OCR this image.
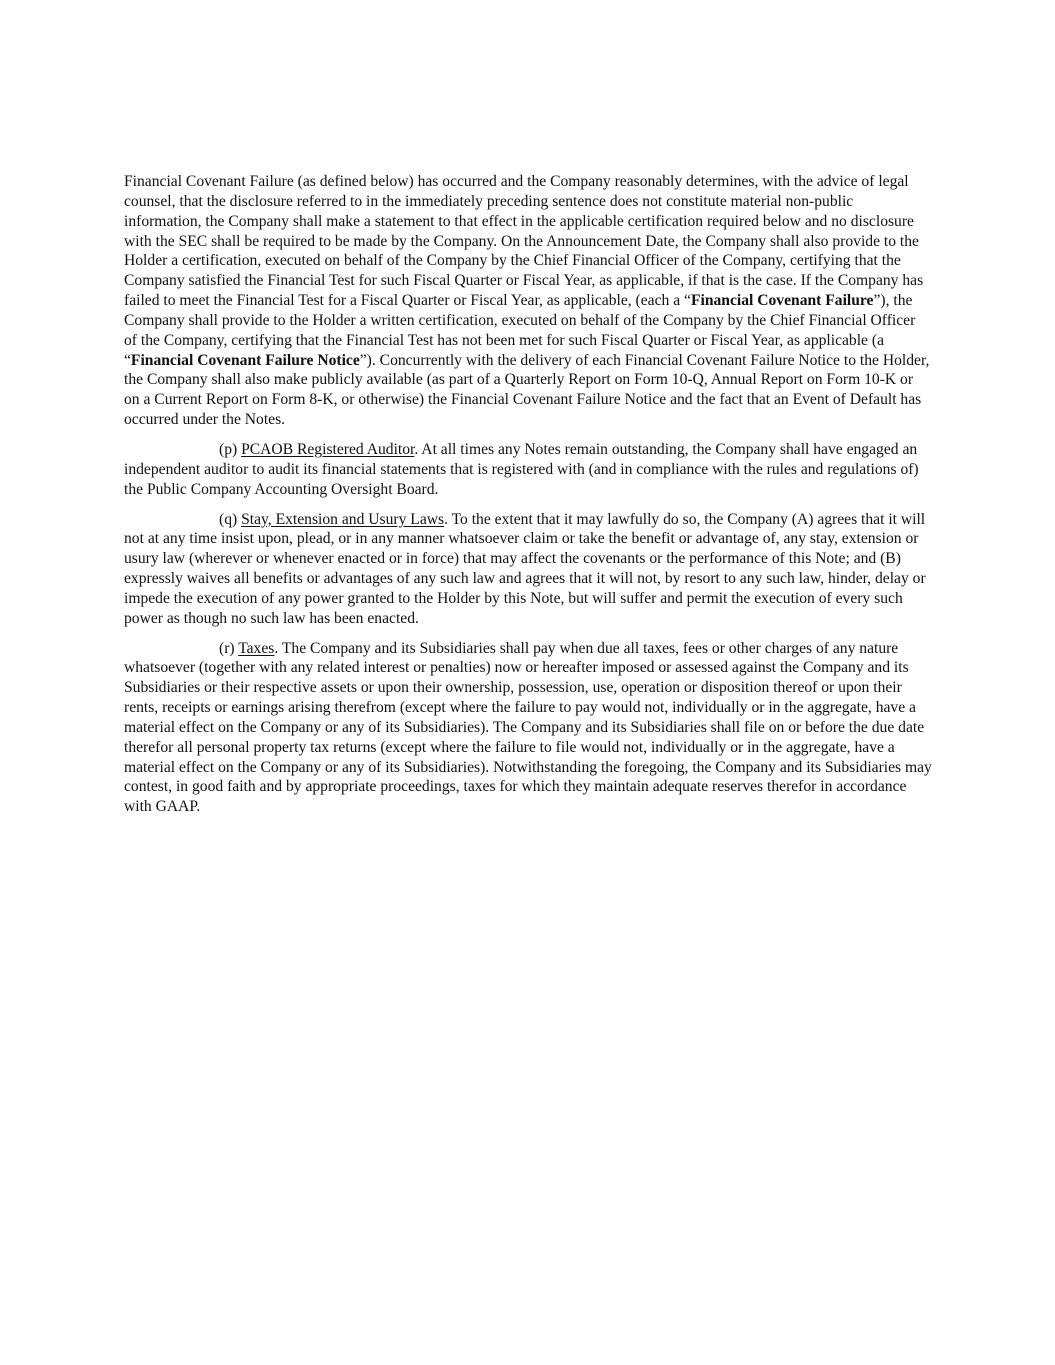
Financial Covenant Failure (as defined below) has occurred and the Company reasonably determines, with the advice of legal counsel, that the disclosure referred to in the immediately preceding sentence does not constitute material non-public information, the Company shall make a statement to that effect in the applicable certification required below and no disclosure with the SEC shall be required to be made by the Company. On the Announcement Date, the Company shall also provide to the Holder a certification, executed on behalf of the Company by the Chief Financial Officer of the Company, certifying that the Company satisfied the Financial Test for such Fiscal Quarter or Fiscal Year, as applicable, if that is the case. If the Company has failed to meet the Financial Test for a Fiscal Quarter or Fiscal Year, as applicable, (each a “Financial Covenant Failure”), the Company shall provide to the Holder a written certification, executed on behalf of the Company by the Chief Financial Officer of the Company, certifying that the Financial Test has not been met for such Fiscal Quarter or Fiscal Year, as applicable (a “Financial Covenant Failure Notice”). Concurrently with the delivery of each Financial Covenant Failure Notice to the Holder, the Company shall also make publicly available (as part of a Quarterly Report on Form 10-Q, Annual Report on Form 10-K or on a Current Report on Form 8-K, or otherwise) the Financial Covenant Failure Notice and the fact that an Event of Default has occurred under the Notes.

(p) PCAOB Registered Auditor. At all times any Notes remain outstanding, the Company shall have engaged an independent auditor to audit its financial statements that is registered with (and in compliance with the rules and regulations of) the Public Company Accounting Oversight Board.

(q) Stay, Extension and Usury Laws. To the extent that it may lawfully do so, the Company (A) agrees that it will not at any time insist upon, plead, or in any manner whatsoever claim or take the benefit or advantage of, any stay, extension or usury law (wherever or whenever enacted or in force) that may affect the covenants or the performance of this Note; and (B) expressly waives all benefits or advantages of any such law and agrees that it will not, by resort to any such law, hinder, delay or impede the execution of any power granted to the Holder by this Note, but will suffer and permit the execution of every such power as though no such law has been enacted.

(r) Taxes. The Company and its Subsidiaries shall pay when due all taxes, fees or other charges of any nature whatsoever (together with any related interest or penalties) now or hereafter imposed or assessed against the Company and its Subsidiaries or their respective assets or upon their ownership, possession, use, operation or disposition thereof or upon their rents, receipts or earnings arising therefrom (except where the failure to pay would not, individually or in the aggregate, have a material effect on the Company or any of its Subsidiaries). The Company and its Subsidiaries shall file on or before the due date therefor all personal property tax returns (except where the failure to file would not, individually or in the aggregate, have a material effect on the Company or any of its Subsidiaries). Notwithstanding the foregoing, the Company and its Subsidiaries may contest, in good faith and by appropriate proceedings, taxes for which they maintain adequate reserves therefor in accordance with GAAP.
